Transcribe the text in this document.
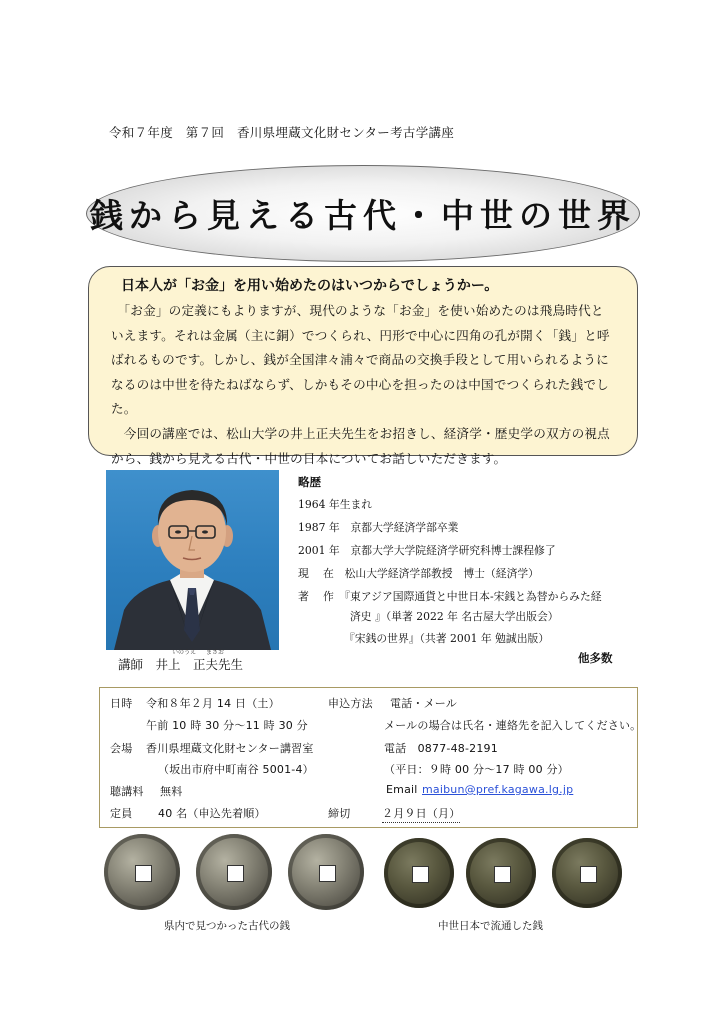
令和７年度　第７回　香川県埋蔵文化財センター考古学講座
銭から見える古代・中世の世界
日本人が「お金」を用い始めたのはいつからでしょうかー。
　「お金」の定義にもよりますが、現代のような「お金」を使い始めたのは飛鳥時代と
いえます。それは金属（主に銅）でつくられ、円形で中心に四角の孔が開く「銭」と呼
ばれるものです。しかし、銭が全国津々浦々で商品の交換手段として用いられるように
なるのは中世を待たねばならず、しかもその中心を担ったのは中国でつくられた銭でし
た。
　今回の講座では、松山大学の井上正夫先生をお招きし、経済学・歴史学の双方の視点
から、銭から見える古代・中世の日本についてお話しいただきます。
いのうえ まさお
講師　井上　正夫先生
略歴
1964 年生まれ
1987 年　京都大学経済学部卒業
2001 年　京都大学大学院経済学研究科博士課程修了
現　 在　松山大学経済学部教授　博士（経済学）
著　 作　『東アジア国際通貨と中世日本-宋銭と為替からみた経
済史 』（単著 2022 年 名古屋大学出版会）
『宋銭の世界』（共著 2001 年 勉誠出版）
他多数
日時 令和８年２月 14 日（土）
午前 10 時 30 分～11 時 30 分
会場 香川県埋蔵文化財センター講習室
（坂出市府中町南谷 5001-4）
聴講料 無料
定員 40 名（申込先着順）
申込方法 電話・メール
メールの場合は氏名・連絡先を記入してください。
電話　0877-48-2191
（平日：９時 00 分～17 時 00 分）
Email maibun@pref.kagawa.lg.jp
締切	２月９日（月）
県内で見つかった古代の銭	中世日本で流通した銭
